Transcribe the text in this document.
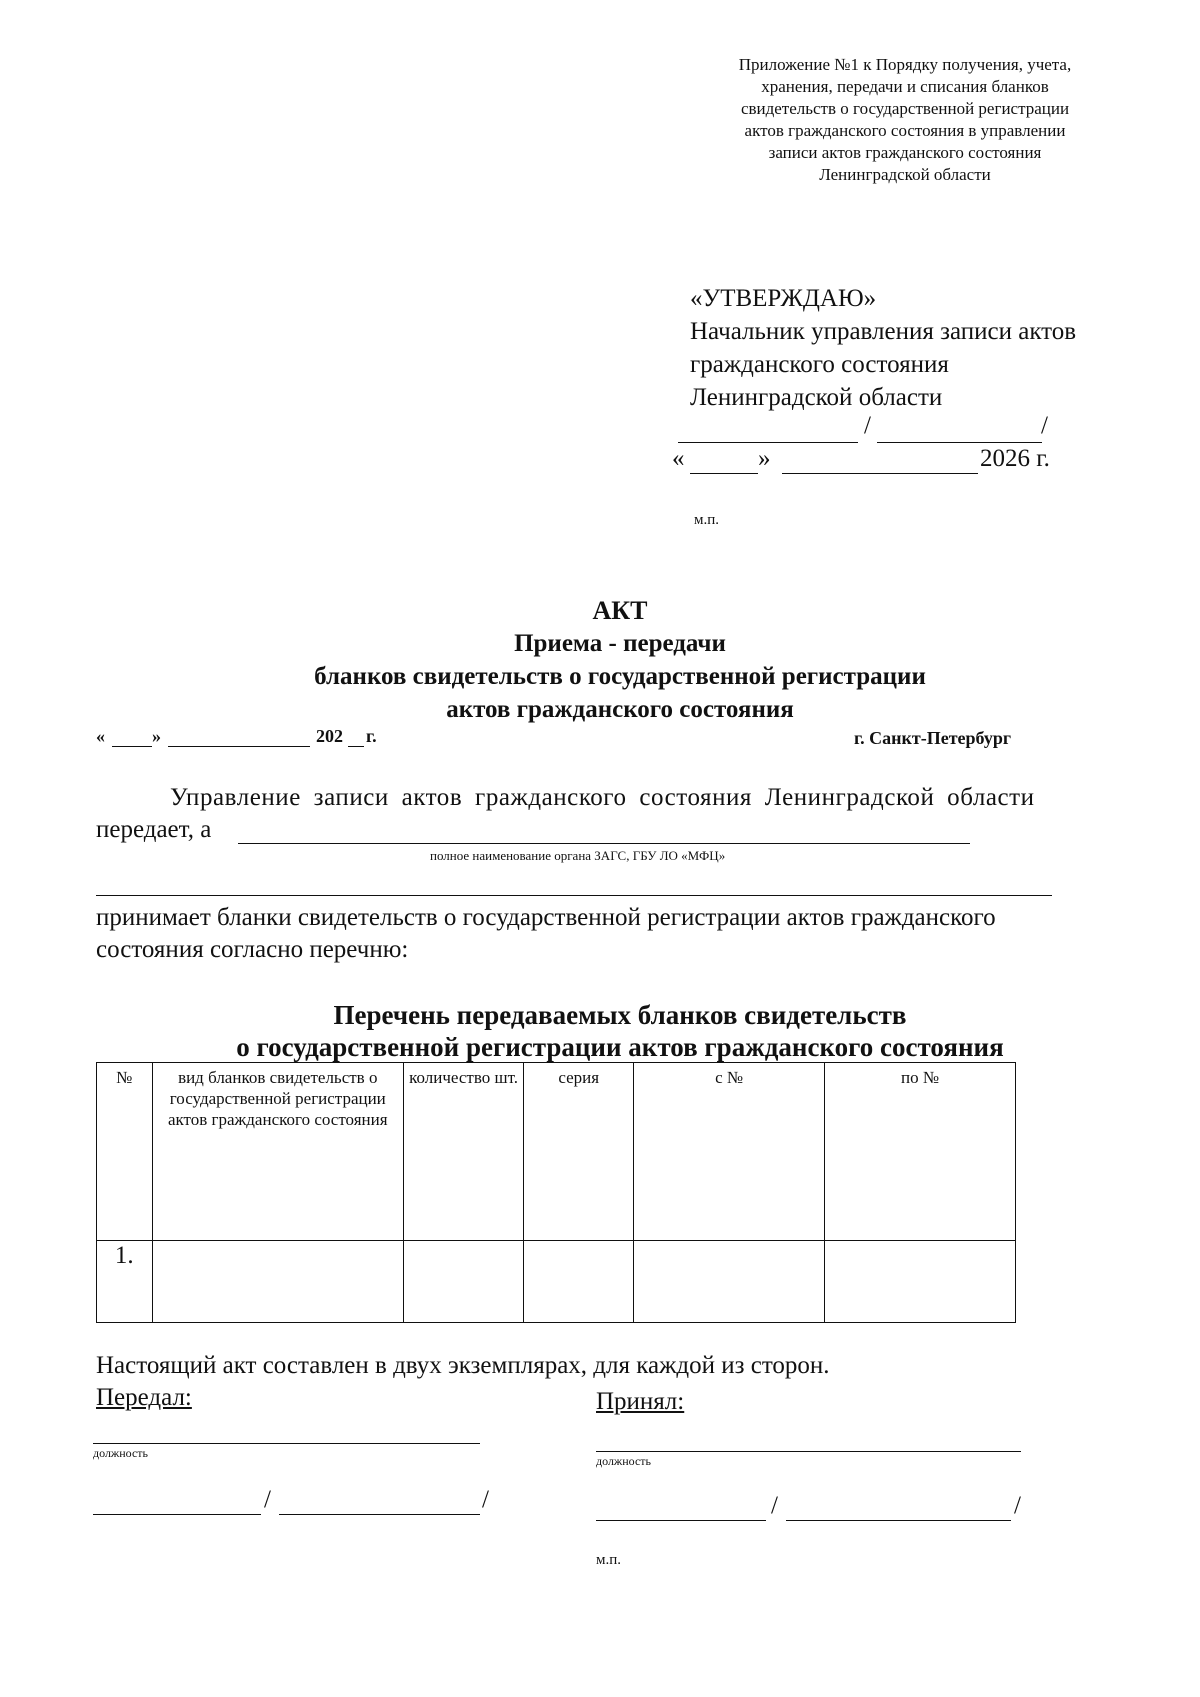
Приложение №1 к Порядку получения, учета,
хранения, передачи и списания бланков
свидетельств о государственной регистрации
актов гражданского состояния в управлении
записи актов гражданского состояния
Ленинградской области
«УТВЕРЖДАЮ»
Начальник управления записи актов
гражданского состояния
Ленинградской области
/	/
«	»	2026 г.
м.п.
АКТ
Приема - передачи
бланков свидетельств о государственной регистрации
актов гражданского состояния
«	»	202 г.	г. Санкт-Петербург
Управление записи актов гражданского состояния Ленинградской области
передает, а
полное наименование органа ЗАГС, ГБУ ЛО «МФЦ»
принимает бланки свидетельств о государственной регистрации актов гражданского
состояния согласно перечню:
Перечень передаваемых бланков свидетельств
о государственной регистрации актов гражданского состояния
№	вид бланков свидетельств о государственной регистрации актов гражданского состояния	количество шт.	серия	с №	по №
1.					
Настоящий акт составлен в двух экземплярах, для каждой из сторон.
Передал:	Принял:
должность
должность
/	/	/	/
м.п.
